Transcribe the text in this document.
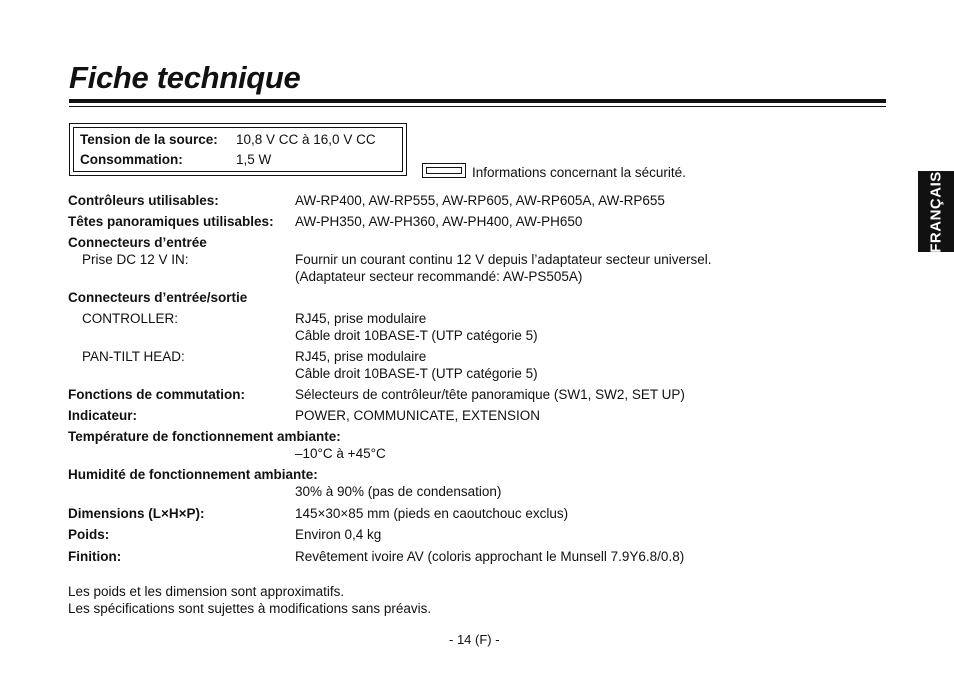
Fiche technique
FRANÇAIS
Tension de la source: 10,8 V CC à 16,0 V CC
Consommation:	1,5 W
Informations concernant la sécurité.
Contrôleurs utilisables:	AW-RP400, AW-RP555, AW-RP605, AW-RP605A, AW-RP655
Têtes panoramiques utilisables: AW-PH350, AW-PH360, AW-PH400, AW-PH650
Connecteurs d’entrée
Prise DC 12 V IN:	Fournir un courant continu 12 V depuis l’adaptateur secteur universel.
(Adaptateur secteur recommandé: AW-PS505A)
Connecteurs d’entrée/sortie
CONTROLLER:	RJ45, prise modulaire
Câble droit 10BASE-T (UTP catégorie 5)
PAN-TILT HEAD:	RJ45, prise modulaire
Câble droit 10BASE-T (UTP catégorie 5)
Fonctions de commutation:	Sélecteurs de contrôleur/tête panoramique (SW1, SW2, SET UP)
Indicateur:	POWER, COMMUNICATE, EXTENSION
Température de fonctionnement ambiante:
–10°C à +45°C
Humidité de fonctionnement ambiante:
30% à 90% (pas de condensation)
Dimensions (L×H×P):	145×30×85 mm (pieds en caoutchouc exclus)
Poids:	Environ 0,4 kg
Finition:	Revêtement ivoire AV (coloris approchant le Munsell 7.9Y6.8/0.8)
Les poids et les dimension sont approximatifs.
Les spécifications sont sujettes à modifications sans préavis.
- 14 (F) -
